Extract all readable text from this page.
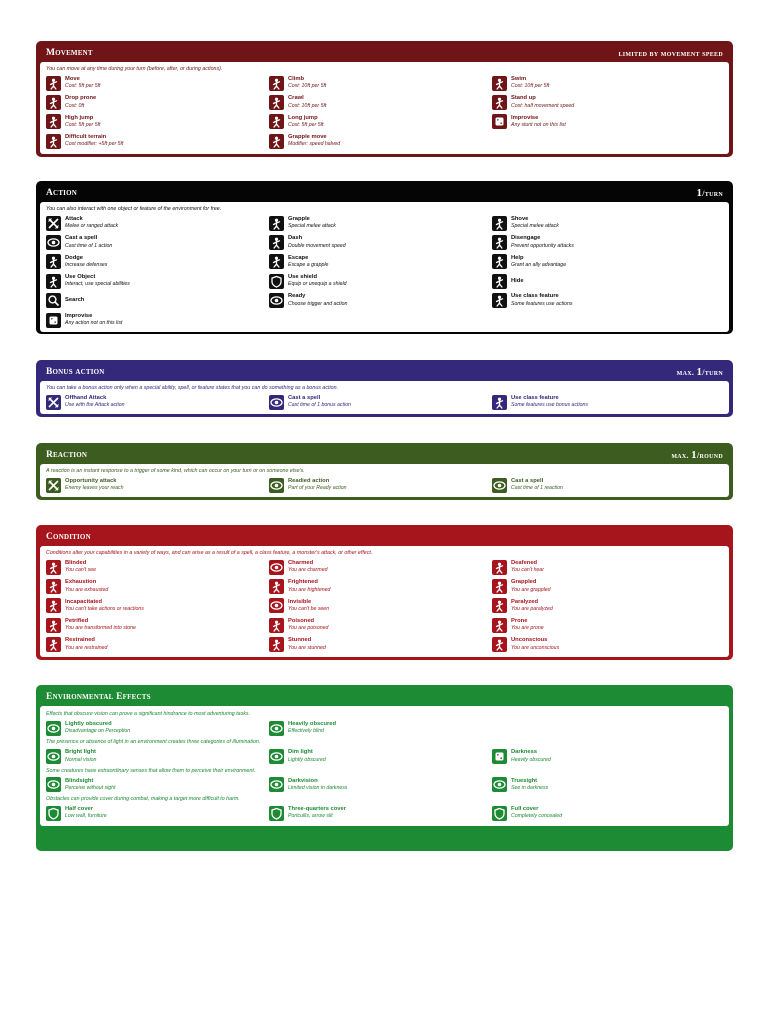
Movement	limited by movement speed
You can move at any time during your turn (before, after, or during actions).
Move
Cost: 5ft per 5ft
Climb
Cost: 10ft per 5ft
Swim
Cost: 10ft per 5ft
Drop prone
Cost: 0ft
Crawl
Cost: 10ft per 5ft
Stand up
Cost: half movement speed
High jump
Cost: 5ft per 5ft
Long jump
Cost: 5ft per 5ft
Improvise
Any stunt not on this list
Difficult terrain
Cost modifier: +5ft per 5ft
Grapple move
Modifier: speed halved
Action	1/turn
You can also interact with one object or feature of the environment for free.
Attack
Melee or ranged attack
Grapple
Special melee attack
Shove
Special melee attack
Cast a spell
Cast time of 1 action
Dash
Double movement speed
Disengage
Prevent opportunity attacks
Dodge
Increase defenses
Escape
Escape a grapple
Help
Grant an ally advantage
Use Object
Interact, use special abilities
Use shield
Equip or unequip a shield
Hide
Search
Ready
Choose trigger and action
Use class feature
Some features use actions
Improvise
Any action not on this list
Bonus action	max. 1/turn
You can take a bonus action only when a special ability, spell, or feature states that you can do something as a bonus action.
Offhand Attack
Use with the Attack action
Cast a spell
Cast time of 1 bonus action
Use class feature
Some features use bonus actions
Reaction	max. 1/round
A reaction is an instant response to a trigger of some kind, which can occur on your turn or on someone else's.
Opportunity attack
Enemy leaves your reach
Readied action
Part of your Ready action
Cast a spell
Cast time of 1 reaction
Condition
Conditions alter your capabilities in a variety of ways, and can arise as a result of a spell, a class feature, a monster's attack, or other effect.
Blinded
You can't see
Charmed
You are charmed
Deafened
You can't hear
Exhaustion
You are exhausted
Frightened
You are frightened
Grappled
You are grappled
Incapacitated
You can't take actions or reactions
Invisible
You can't be seen
Paralyzed
You are paralyzed
Petrified
You are transformed into stone
Poisoned
You are poisoned
Prone
You are prone
Restrained
You are restrained
Stunned
You are stunned
Unconscious
You are unconscious
Environmental Effects
Effects that obscure vision can prove a significant hindrance to most adventuring tasks.
Lightly obscured
Disadvantage on Perception
Heavily obscured
Effectively blind
The presence or absence of light in an environment creates three categories of illumination.
Bright light
Normal vision
Dim light
Lightly obscured
Darkness
Heavily obscured
Some creatures have extraordinary senses that allow them to perceive their environment.
Blindsight
Perceive without sight
Darkvision
Limited vision in darkness
Truesight
See in darkness
Obstacles can provide cover during combat, making a target more difficult to harm.
Half cover
Low wall, furniture
Three-quarters cover
Portcullis, arrow slit
Full cover
Completely concealed
